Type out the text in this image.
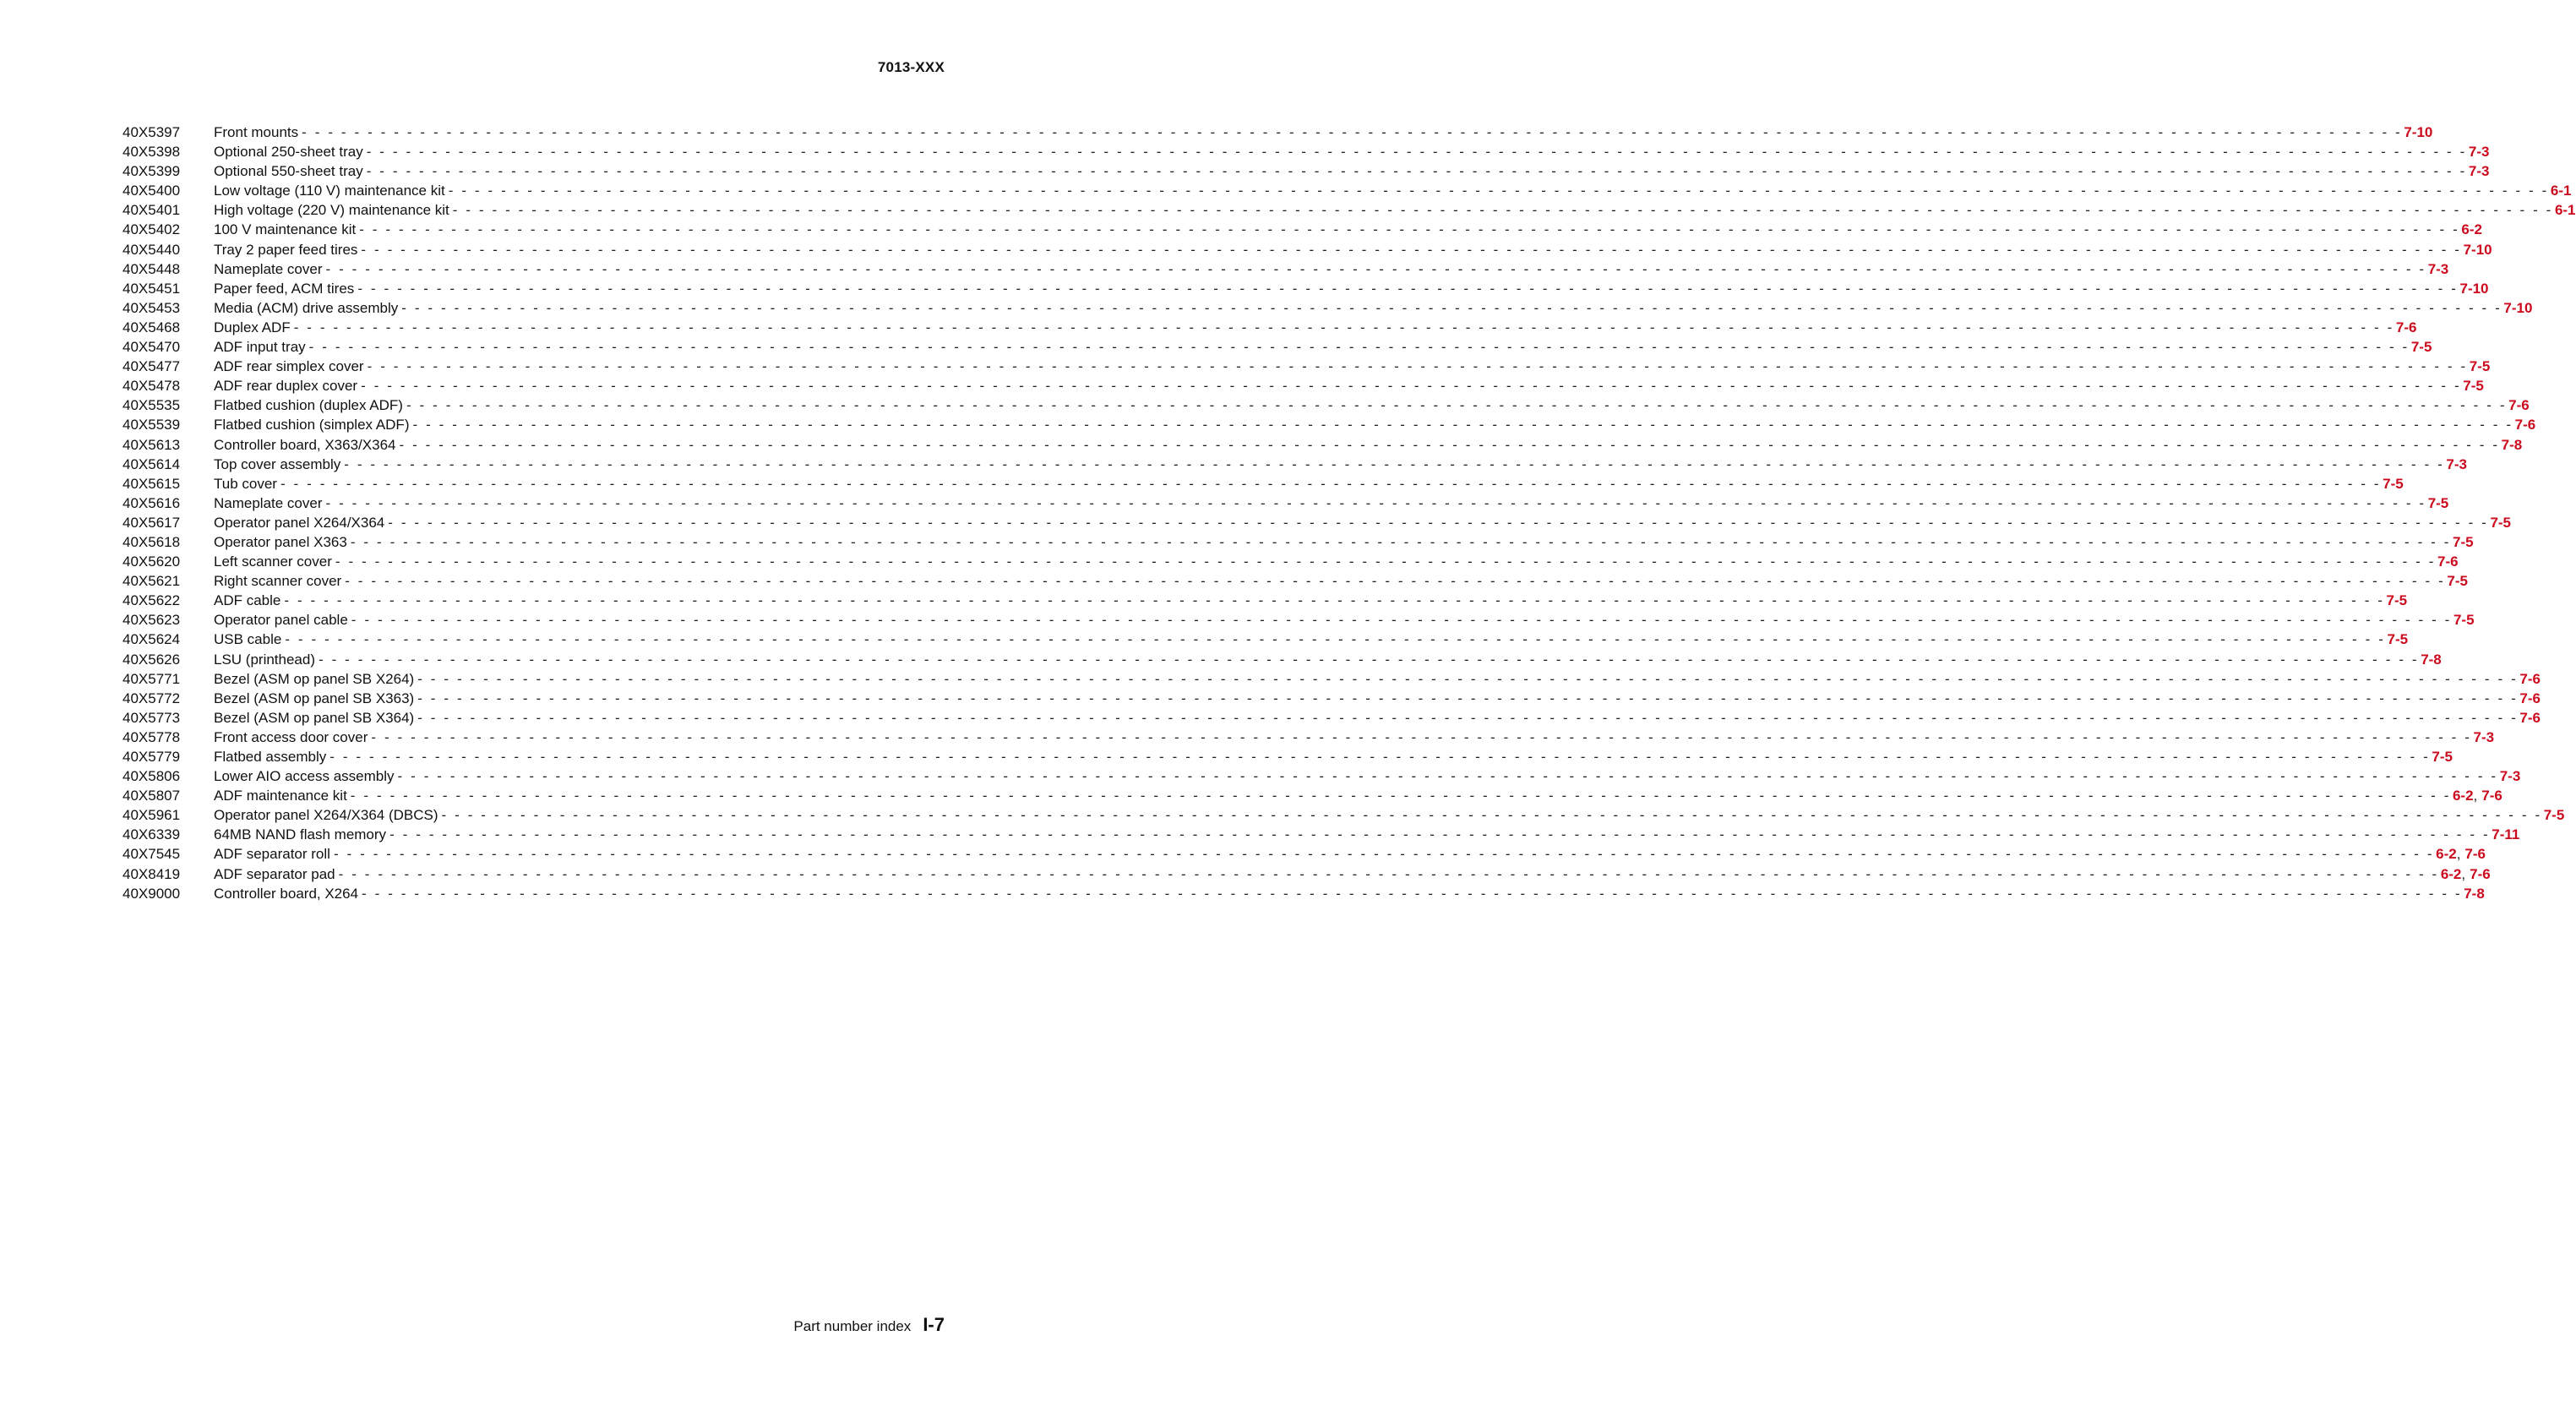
7013-XXX
40X5397	Front mounts - - - - - - - - - - - - - - - - - - - - - - - - - - - - - - - - - - - - - - - - - - - - - - - - - - - - - - - - - - - - - - - - - - - - - - - - - - - - - - - - - - - - - - - - - - - - - - - - - - - - - - - - - - - - - - - - - - - - - - - - - - - - - - - - - - - - - - - - - - - - - - - - - - - - - - - - - - - - - - - - 7-10
40X5398	Optional 250-sheet tray - - - - - - - - - - - - - - - - - - - - - - - - - - - - - - - - - - - - - - - - - - - - - - - - - - - - - - - - - - - - - - - - - - - - - - - - - - - - - - - - - - - - - - - - - - - - - - - - - - - - - - - - - - - - - - - - - - - - - - - - - - - - - - - - - - - - - - - - - - - - - - - - - - - - - - - - - - - - - - - - 7-3
40X5399	Optional 550-sheet tray - - - - - - - - - - - - - - - - - - - - - - - - - - - - - - - - - - - - - - - - - - - - - - - - - - - - - - - - - - - - - - - - - - - - - - - - - - - - - - - - - - - - - - - - - - - - - - - - - - - - - - - - - - - - - - - - - - - - - - - - - - - - - - - - - - - - - - - - - - - - - - - - - - - - - - - - - - - - - - - - 7-3
40X5400	Low voltage (110 V) maintenance kit - - - - - - - - - - - - - - - - - - - - - - - - - - - - - - - - - - - - - - - - - - - - - - - - - - - - - - - - - - - - - - - - - - - - - - - - - - - - - - - - - - - - - - - - - - - - - - - - - - - - - - - - - - - - - - - - - - - - - - - - - - - - - - - - - - - - - - - - - - - - - - - - - - - - - - - - - - - - - - - - 6-1
40X5401	High voltage (220 V) maintenance kit - - - - - - - - - - - - - - - - - - - - - - - - - - - - - - - - - - - - - - - - - - - - - - - - - - - - - - - - - - - - - - - - - - - - - - - - - - - - - - - - - - - - - - - - - - - - - - - - - - - - - - - - - - - - - - - - - - - - - - - - - - - - - - - - - - - - - - - - - - - - - - - - - - - - - - - - - - - - - - - - 6-1
40X5402	100 V maintenance kit - - - - - - - - - - - - - - - - - - - - - - - - - - - - - - - - - - - - - - - - - - - - - - - - - - - - - - - - - - - - - - - - - - - - - - - - - - - - - - - - - - - - - - - - - - - - - - - - - - - - - - - - - - - - - - - - - - - - - - - - - - - - - - - - - - - - - - - - - - - - - - - - - - - - - - - - - - - - - - - - 6-2
40X5440	Tray 2 paper feed tires - - - - - - - - - - - - - - - - - - - - - - - - - - - - - - - - - - - - - - - - - - - - - - - - - - - - - - - - - - - - - - - - - - - - - - - - - - - - - - - - - - - - - - - - - - - - - - - - - - - - - - - - - - - - - - - - - - - - - - - - - - - - - - - - - - - - - - - - - - - - - - - - - - - - - - - - - - - - - - - - 7-10
40X5448	Nameplate cover - - - - - - - - - - - - - - - - - - - - - - - - - - - - - - - - - - - - - - - - - - - - - - - - - - - - - - - - - - - - - - - - - - - - - - - - - - - - - - - - - - - - - - - - - - - - - - - - - - - - - - - - - - - - - - - - - - - - - - - - - - - - - - - - - - - - - - - - - - - - - - - - - - - - - - - - - - - - - - - - 7-3
40X5451	Paper feed, ACM tires - - - - - - - - - - - - - - - - - - - - - - - - - - - - - - - - - - - - - - - - - - - - - - - - - - - - - - - - - - - - - - - - - - - - - - - - - - - - - - - - - - - - - - - - - - - - - - - - - - - - - - - - - - - - - - - - - - - - - - - - - - - - - - - - - - - - - - - - - - - - - - - - - - - - - - - - - - - - - - - - 7-10
40X5453	Media (ACM) drive assembly - - - - - - - - - - - - - - - - - - - - - - - - - - - - - - - - - - - - - - - - - - - - - - - - - - - - - - - - - - - - - - - - - - - - - - - - - - - - - - - - - - - - - - - - - - - - - - - - - - - - - - - - - - - - - - - - - - - - - - - - - - - - - - - - - - - - - - - - - - - - - - - - - - - - - - - - - - - - - - - - 7-10
40X5468	Duplex ADF - - - - - - - - - - - - - - - - - - - - - - - - - - - - - - - - - - - - - - - - - - - - - - - - - - - - - - - - - - - - - - - - - - - - - - - - - - - - - - - - - - - - - - - - - - - - - - - - - - - - - - - - - - - - - - - - - - - - - - - - - - - - - - - - - - - - - - - - - - - - - - - - - - - - - - - - - - - - - - - - 7-6
40X5470	ADF input tray - - - - - - - - - - - - - - - - - - - - - - - - - - - - - - - - - - - - - - - - - - - - - - - - - - - - - - - - - - - - - - - - - - - - - - - - - - - - - - - - - - - - - - - - - - - - - - - - - - - - - - - - - - - - - - - - - - - - - - - - - - - - - - - - - - - - - - - - - - - - - - - - - - - - - - - - - - - - - - - - 7-5
40X5477	ADF rear simplex cover - - - - - - - - - - - - - - - - - - - - - - - - - - - - - - - - - - - - - - - - - - - - - - - - - - - - - - - - - - - - - - - - - - - - - - - - - - - - - - - - - - - - - - - - - - - - - - - - - - - - - - - - - - - - - - - - - - - - - - - - - - - - - - - - - - - - - - - - - - - - - - - - - - - - - - - - - - - - - - - - 7-5
40X5478	ADF rear duplex cover - - - - - - - - - - - - - - - - - - - - - - - - - - - - - - - - - - - - - - - - - - - - - - - - - - - - - - - - - - - - - - - - - - - - - - - - - - - - - - - - - - - - - - - - - - - - - - - - - - - - - - - - - - - - - - - - - - - - - - - - - - - - - - - - - - - - - - - - - - - - - - - - - - - - - - - - - - - - - - - - 7-5
40X5535	Flatbed cushion (duplex ADF) - - - - - - - - - - - - - - - - - - - - - - - - - - - - - - - - - - - - - - - - - - - - - - - - - - - - - - - - - - - - - - - - - - - - - - - - - - - - - - - - - - - - - - - - - - - - - - - - - - - - - - - - - - - - - - - - - - - - - - - - - - - - - - - - - - - - - - - - - - - - - - - - - - - - - - - - - - - - - - - - 7-6
40X5539	Flatbed cushion (simplex ADF) - - - - - - - - - - - - - - - - - - - - - - - - - - - - - - - - - - - - - - - - - - - - - - - - - - - - - - - - - - - - - - - - - - - - - - - - - - - - - - - - - - - - - - - - - - - - - - - - - - - - - - - - - - - - - - - - - - - - - - - - - - - - - - - - - - - - - - - - - - - - - - - - - - - - - - - - - - - - - - - - 7-6
40X5613	Controller board, X363/X364 - - - - - - - - - - - - - - - - - - - - - - - - - - - - - - - - - - - - - - - - - - - - - - - - - - - - - - - - - - - - - - - - - - - - - - - - - - - - - - - - - - - - - - - - - - - - - - - - - - - - - - - - - - - - - - - - - - - - - - - - - - - - - - - - - - - - - - - - - - - - - - - - - - - - - - - - - - - - - - - - 7-8
40X5614	Top cover assembly - - - - - - - - - - - - - - - - - - - - - - - - - - - - - - - - - - - - - - - - - - - - - - - - - - - - - - - - - - - - - - - - - - - - - - - - - - - - - - - - - - - - - - - - - - - - - - - - - - - - - - - - - - - - - - - - - - - - - - - - - - - - - - - - - - - - - - - - - - - - - - - - - - - - - - - - - - - - - - - - 7-3
40X5615	Tub cover - - - - - - - - - - - - - - - - - - - - - - - - - - - - - - - - - - - - - - - - - - - - - - - - - - - - - - - - - - - - - - - - - - - - - - - - - - - - - - - - - - - - - - - - - - - - - - - - - - - - - - - - - - - - - - - - - - - - - - - - - - - - - - - - - - - - - - - - - - - - - - - - - - - - - - - - - - - - - - - - 7-5
40X5616	Nameplate cover - - - - - - - - - - - - - - - - - - - - - - - - - - - - - - - - - - - - - - - - - - - - - - - - - - - - - - - - - - - - - - - - - - - - - - - - - - - - - - - - - - - - - - - - - - - - - - - - - - - - - - - - - - - - - - - - - - - - - - - - - - - - - - - - - - - - - - - - - - - - - - - - - - - - - - - - - - - - - - - - 7-5
40X5617	Operator panel X264/X364 - - - - - - - - - - - - - - - - - - - - - - - - - - - - - - - - - - - - - - - - - - - - - - - - - - - - - - - - - - - - - - - - - - - - - - - - - - - - - - - - - - - - - - - - - - - - - - - - - - - - - - - - - - - - - - - - - - - - - - - - - - - - - - - - - - - - - - - - - - - - - - - - - - - - - - - - - - - - - - - - 7-5
40X5618	Operator panel X363 - - - - - - - - - - - - - - - - - - - - - - - - - - - - - - - - - - - - - - - - - - - - - - - - - - - - - - - - - - - - - - - - - - - - - - - - - - - - - - - - - - - - - - - - - - - - - - - - - - - - - - - - - - - - - - - - - - - - - - - - - - - - - - - - - - - - - - - - - - - - - - - - - - - - - - - - - - - - - - - - 7-5
40X5620	Left scanner cover - - - - - - - - - - - - - - - - - - - - - - - - - - - - - - - - - - - - - - - - - - - - - - - - - - - - - - - - - - - - - - - - - - - - - - - - - - - - - - - - - - - - - - - - - - - - - - - - - - - - - - - - - - - - - - - - - - - - - - - - - - - - - - - - - - - - - - - - - - - - - - - - - - - - - - - - - - - - - - - - 7-6
40X5621	Right scanner cover - - - - - - - - - - - - - - - - - - - - - - - - - - - - - - - - - - - - - - - - - - - - - - - - - - - - - - - - - - - - - - - - - - - - - - - - - - - - - - - - - - - - - - - - - - - - - - - - - - - - - - - - - - - - - - - - - - - - - - - - - - - - - - - - - - - - - - - - - - - - - - - - - - - - - - - - - - - - - - - - 7-5
40X5622	ADF cable - - - - - - - - - - - - - - - - - - - - - - - - - - - - - - - - - - - - - - - - - - - - - - - - - - - - - - - - - - - - - - - - - - - - - - - - - - - - - - - - - - - - - - - - - - - - - - - - - - - - - - - - - - - - - - - - - - - - - - - - - - - - - - - - - - - - - - - - - - - - - - - - - - - - - - - - - - - - - - - - 7-5
40X5623	Operator panel cable - - - - - - - - - - - - - - - - - - - - - - - - - - - - - - - - - - - - - - - - - - - - - - - - - - - - - - - - - - - - - - - - - - - - - - - - - - - - - - - - - - - - - - - - - - - - - - - - - - - - - - - - - - - - - - - - - - - - - - - - - - - - - - - - - - - - - - - - - - - - - - - - - - - - - - - - - - - - - - - - 7-5
40X5624	USB cable - - - - - - - - - - - - - - - - - - - - - - - - - - - - - - - - - - - - - - - - - - - - - - - - - - - - - - - - - - - - - - - - - - - - - - - - - - - - - - - - - - - - - - - - - - - - - - - - - - - - - - - - - - - - - - - - - - - - - - - - - - - - - - - - - - - - - - - - - - - - - - - - - - - - - - - - - - - - - - - - 7-5
40X5626	LSU (printhead) - - - - - - - - - - - - - - - - - - - - - - - - - - - - - - - - - - - - - - - - - - - - - - - - - - - - - - - - - - - - - - - - - - - - - - - - - - - - - - - - - - - - - - - - - - - - - - - - - - - - - - - - - - - - - - - - - - - - - - - - - - - - - - - - - - - - - - - - - - - - - - - - - - - - - - - - - - - - - - - - 7-8
40X5771	Bezel (ASM op panel SB X264) - - - - - - - - - - - - - - - - - - - - - - - - - - - - - - - - - - - - - - - - - - - - - - - - - - - - - - - - - - - - - - - - - - - - - - - - - - - - - - - - - - - - - - - - - - - - - - - - - - - - - - - - - - - - - - - - - - - - - - - - - - - - - - - - - - - - - - - - - - - - - - - - - - - - - - - - - - - - - - - - 7-6
40X5772	Bezel (ASM op panel SB X363) - - - - - - - - - - - - - - - - - - - - - - - - - - - - - - - - - - - - - - - - - - - - - - - - - - - - - - - - - - - - - - - - - - - - - - - - - - - - - - - - - - - - - - - - - - - - - - - - - - - - - - - - - - - - - - - - - - - - - - - - - - - - - - - - - - - - - - - - - - - - - - - - - - - - - - - - - - - - - - - - 7-6
40X5773	Bezel (ASM op panel SB X364) - - - - - - - - - - - - - - - - - - - - - - - - - - - - - - - - - - - - - - - - - - - - - - - - - - - - - - - - - - - - - - - - - - - - - - - - - - - - - - - - - - - - - - - - - - - - - - - - - - - - - - - - - - - - - - - - - - - - - - - - - - - - - - - - - - - - - - - - - - - - - - - - - - - - - - - - - - - - - - - - 7-6
40X5778	Front access door cover - - - - - - - - - - - - - - - - - - - - - - - - - - - - - - - - - - - - - - - - - - - - - - - - - - - - - - - - - - - - - - - - - - - - - - - - - - - - - - - - - - - - - - - - - - - - - - - - - - - - - - - - - - - - - - - - - - - - - - - - - - - - - - - - - - - - - - - - - - - - - - - - - - - - - - - - - - - - - - - - 7-3
40X5779	Flatbed assembly - - - - - - - - - - - - - - - - - - - - - - - - - - - - - - - - - - - - - - - - - - - - - - - - - - - - - - - - - - - - - - - - - - - - - - - - - - - - - - - - - - - - - - - - - - - - - - - - - - - - - - - - - - - - - - - - - - - - - - - - - - - - - - - - - - - - - - - - - - - - - - - - - - - - - - - - - - - - - - - - 7-5
40X5806	Lower AIO access assembly - - - - - - - - - - - - - - - - - - - - - - - - - - - - - - - - - - - - - - - - - - - - - - - - - - - - - - - - - - - - - - - - - - - - - - - - - - - - - - - - - - - - - - - - - - - - - - - - - - - - - - - - - - - - - - - - - - - - - - - - - - - - - - - - - - - - - - - - - - - - - - - - - - - - - - - - - - - - - - - - 7-3
40X5807	ADF maintenance kit - - - - - - - - - - - - - - - - - - - - - - - - - - - - - - - - - - - - - - - - - - - - - - - - - - - - - - - - - - - - - - - - - - - - - - - - - - - - - - - - - - - - - - - - - - - - - - - - - - - - - - - - - - - - - - - - - - - - - - - - - - - - - - - - - - - - - - - - - - - - - - - - - - - - - - - - - - - - - - - - 6-2, 7-6
40X5961	Operator panel X264/X364 (DBCS) - - - - - - - - - - - - - - - - - - - - - - - - - - - - - - - - - - - - - - - - - - - - - - - - - - - - - - - - - - - - - - - - - - - - - - - - - - - - - - - - - - - - - - - - - - - - - - - - - - - - - - - - - - - - - - - - - - - - - - - - - - - - - - - - - - - - - - - - - - - - - - - - - - - - - - - - - - - - - - - - 7-5
40X6339	64MB NAND flash memory - - - - - - - - - - - - - - - - - - - - - - - - - - - - - - - - - - - - - - - - - - - - - - - - - - - - - - - - - - - - - - - - - - - - - - - - - - - - - - - - - - - - - - - - - - - - - - - - - - - - - - - - - - - - - - - - - - - - - - - - - - - - - - - - - - - - - - - - - - - - - - - - - - - - - - - - - - - - - - - - 7-11
40X7545	ADF separator roll - - - - - - - - - - - - - - - - - - - - - - - - - - - - - - - - - - - - - - - - - - - - - - - - - - - - - - - - - - - - - - - - - - - - - - - - - - - - - - - - - - - - - - - - - - - - - - - - - - - - - - - - - - - - - - - - - - - - - - - - - - - - - - - - - - - - - - - - - - - - - - - - - - - - - - - - - - - - - - - - 6-2, 7-6
40X8419	ADF separator pad - - - - - - - - - - - - - - - - - - - - - - - - - - - - - - - - - - - - - - - - - - - - - - - - - - - - - - - - - - - - - - - - - - - - - - - - - - - - - - - - - - - - - - - - - - - - - - - - - - - - - - - - - - - - - - - - - - - - - - - - - - - - - - - - - - - - - - - - - - - - - - - - - - - - - - - - - - - - - - - - 6-2, 7-6
40X9000	Controller board, X264 - - - - - - - - - - - - - - - - - - - - - - - - - - - - - - - - - - - - - - - - - - - - - - - - - - - - - - - - - - - - - - - - - - - - - - - - - - - - - - - - - - - - - - - - - - - - - - - - - - - - - - - - - - - - - - - - - - - - - - - - - - - - - - - - - - - - - - - - - - - - - - - - - - - - - - - - - - - - - - - - 7-8
Part number index I-7
